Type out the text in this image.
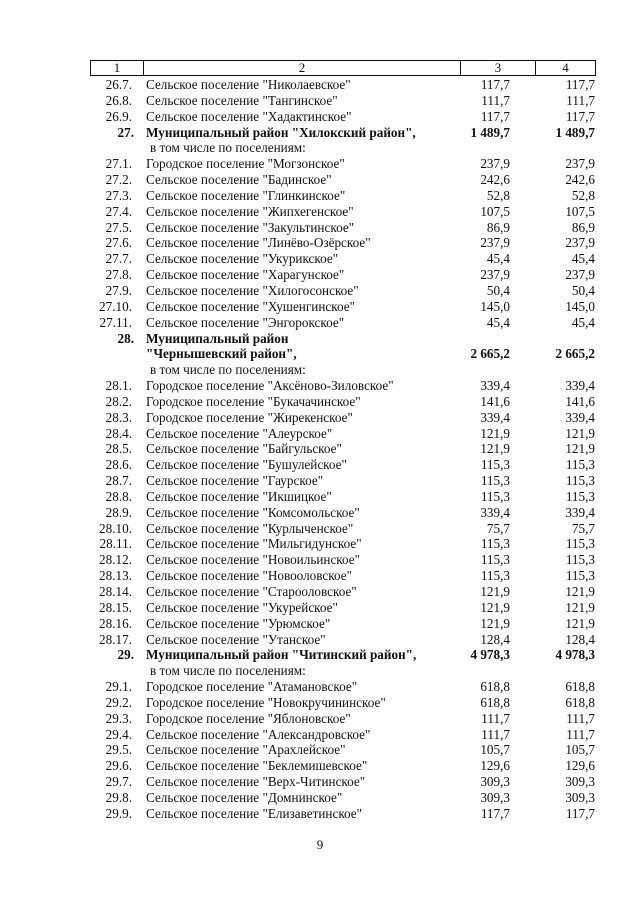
1	2	3	4
26.7. Сельское поселение "Николаевское"	117,7	117,7
26.8. Сельское поселение "Тангинское"	111,7	111,7
26.9. Сельское поселение "Хадактинское"	117,7	117,7
27. Муниципальный район "Хилокский район",	1 489,7	1 489,7
в том числе по поселениям:
27.1. Городское поселение "Могзонское"	237,9	237,9
27.2. Сельское поселение "Бадинское"	242,6	242,6
27.3. Сельское поселение "Глинкинское"	52,8	52,8
27.4. Сельское поселение "Жипхегенское"	107,5	107,5
27.5. Сельское поселение "Закультинское"	86,9	86,9
27.6. Сельское поселение "Линёво-Озёрское"	237,9	237,9
27.7. Сельское поселение "Укурикское"	45,4	45,4
27.8. Сельское поселение "Харагунское"	237,9	237,9
27.9. Сельское поселение "Хилогосонское"	50,4	50,4
27.10. Сельское поселение "Хушенгинское"	145,0	145,0
27.11. Сельское поселение "Энгорокское"	45,4	45,4
28. Муниципальный район
"Чернышевский район",	2 665,2	2 665,2
в том числе по поселениям:
28.1. Городское поселение "Аксёново-Зиловское"	339,4	339,4
28.2. Городское поселение "Букачачинское"	141,6	141,6
28.3. Городское поселение "Жирекенское"	339,4	339,4
28.4. Сельское поселение "Алеурское"	121,9	121,9
28.5. Сельское поселение "Байгульское"	121,9	121,9
28.6. Сельское поселение "Бушулейское"	115,3	115,3
28.7. Сельское поселение "Гаурское"	115,3	115,3
28.8. Сельское поселение "Икшицкое"	115,3	115,3
28.9. Сельское поселение "Комсомольское"	339,4	339,4
28.10. Сельское поселение "Курлыченское"	75,7	75,7
28.11. Сельское поселение "Мильгидунское"	115,3	115,3
28.12. Сельское поселение "Новоильинское"	115,3	115,3
28.13. Сельское поселение "Новооловское"	115,3	115,3
28.14. Сельское поселение "Старооловское"	121,9	121,9
28.15. Сельское поселение "Укурейское"	121,9	121,9
28.16. Сельское поселение "Урюмское"	121,9	121,9
28.17. Сельское поселение "Утанское"	128,4	128,4
29. Муниципальный район "Читинский район",	4 978,3	4 978,3
в том числе по поселениям:
29.1. Городское поселение "Атамановское"	618,8	618,8
29.2. Городское поселение "Новокручининское"	618,8	618,8
29.3. Городское поселение "Яблоновское"	111,7	111,7
29.4. Сельское поселение "Александровское"	111,7	111,7
29.5. Сельское поселение "Арахлейское"	105,7	105,7
29.6. Сельское поселение "Беклемишевское"	129,6	129,6
29.7. Сельское поселение "Верх-Читинское"	309,3	309,3
29.8. Сельское поселение "Домнинское"	309,3	309,3
29.9. Сельское поселение "Елизаветинское"	117,7	117,7
9
